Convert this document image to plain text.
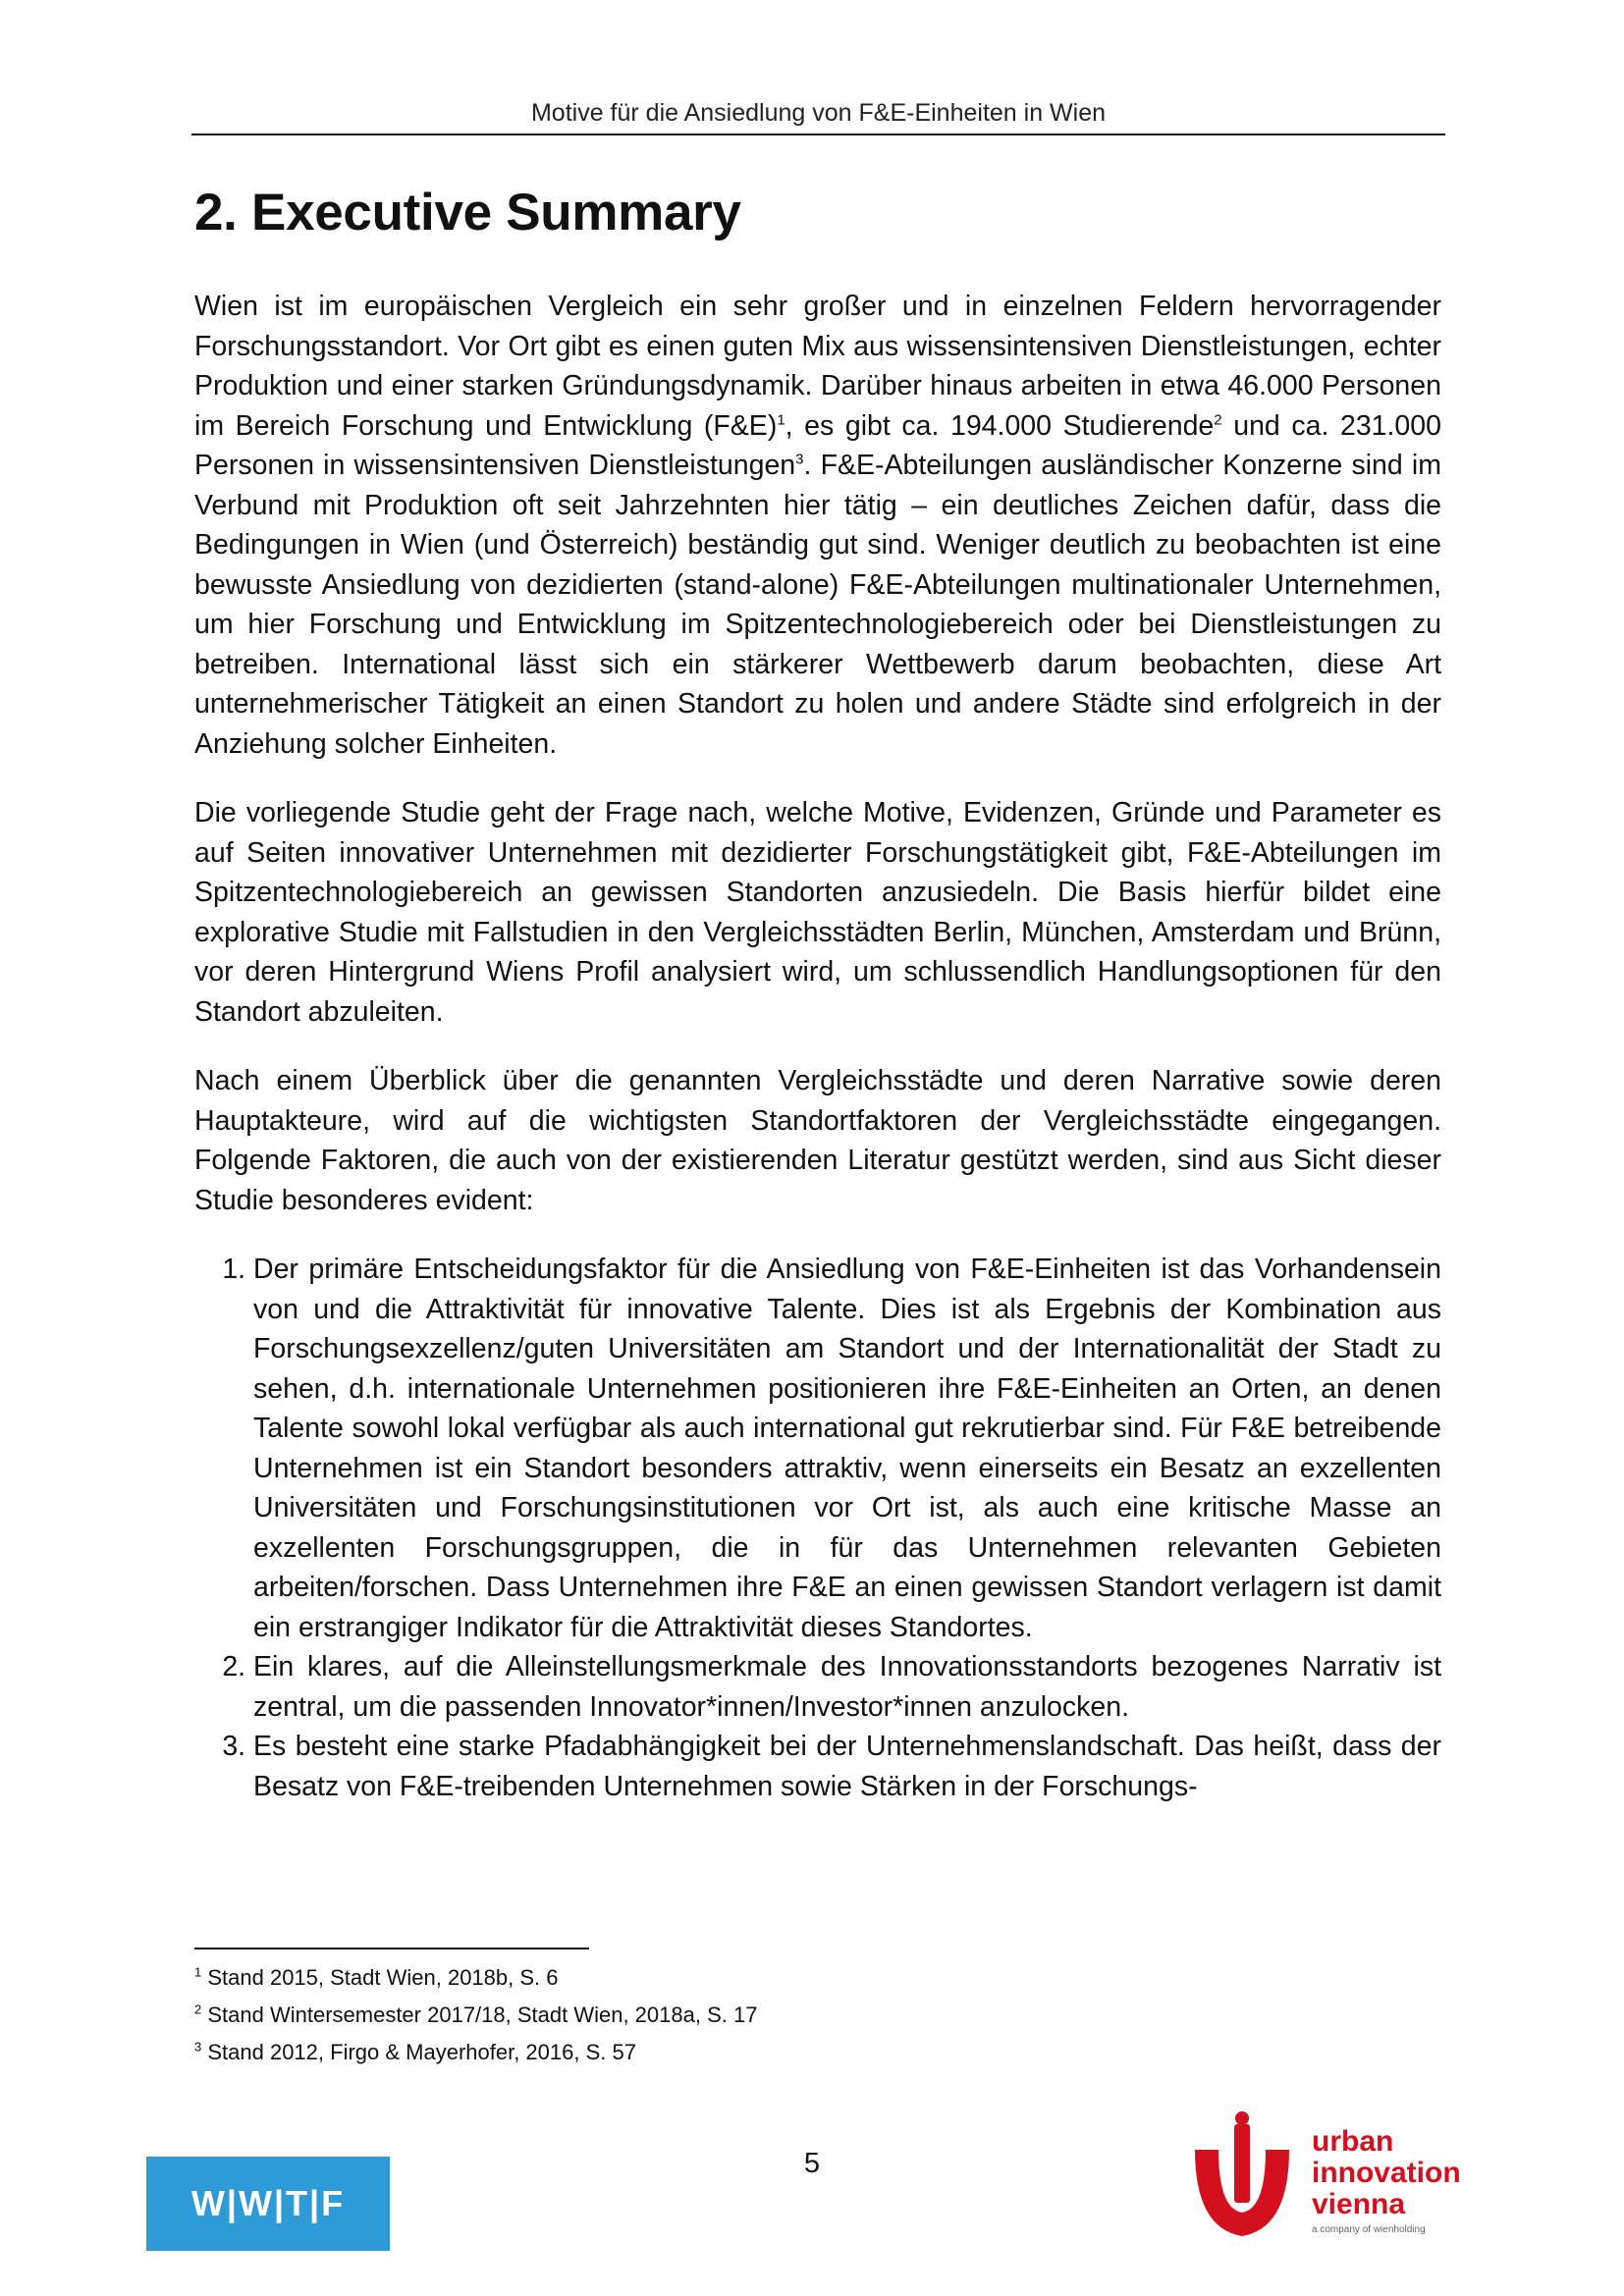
Motive für die Ansiedlung von F&E-Einheiten in Wien
2. Executive Summary

Wien ist im europäischen Vergleich ein sehr großer und in einzelnen Feldern hervorragender Forschungsstandort. Vor Ort gibt es einen guten Mix aus wissensintensiven Dienstleistungen, echter Produktion und einer starken Gründungsdynamik. Darüber hinaus arbeiten in etwa 46.000 Personen im Bereich Forschung und Entwicklung (F&E)$^1$, es gibt ca. 194.000 Studierende$^2$ und ca. 231.000 Personen in wissensintensiven Dienstleistungen$^3$. F&E-Abteilungen ausländischer Konzerne sind im Verbund mit Produktion oft seit Jahrzehnten hier tätig – ein deutliches Zeichen dafür, dass die Bedingungen in Wien (und Österreich) beständig gut sind. Weniger deutlich zu beobachten ist eine bewusste Ansiedlung von dezidierten (stand-alone) F&E-Abteilungen multinationaler Unternehmen, um hier Forschung und Entwicklung im Spitzentechnologiebereich oder bei Dienstleistungen zu betreiben. International lässt sich ein stärkerer Wettbewerb darum beobachten, diese Art unternehmerischer Tätigkeit an einen Standort zu holen und andere Städte sind erfolgreich in der Anziehung solcher Einheiten.

Die vorliegende Studie geht der Frage nach, welche Motive, Evidenzen, Gründe und Parameter es auf Seiten innovativer Unternehmen mit dezidierter Forschungstätigkeit gibt, F&E-Abteilungen im Spitzentechnologiebereich an gewissen Standorten anzusiedeln. Die Basis hierfür bildet eine explorative Studie mit Fallstudien in den Vergleichsstädten Berlin, München, Amsterdam und Brünn, vor deren Hintergrund Wiens Profil analysiert wird, um schlussendlich Handlungsoptionen für den Standort abzuleiten.

Nach einem Überblick über die genannten Vergleichsstädte und deren Narrative sowie deren Hauptakteure, wird auf die wichtigsten Standortfaktoren der Vergleichsstädte eingegangen. Folgende Faktoren, die auch von der existierenden Literatur gestützt werden, sind aus Sicht dieser Studie besonderes evident:

1. Der primäre Entscheidungsfaktor für die Ansiedlung von F&E-Einheiten ist das Vorhandensein von und die Attraktivität für innovative Talente. Dies ist als Ergebnis der Kombination aus Forschungsexzellenz/guten Universitäten am Standort und der Internationalität der Stadt zu sehen, d.h. internationale Unternehmen positionieren ihre F&E-Einheiten an Orten, an denen Talente sowohl lokal verfügbar als auch international gut rekrutierbar sind. Für F&E betreibende Unternehmen ist ein Standort besonders attraktiv, wenn einerseits ein Besatz an exzellenten Universitäten und Forschungsinstitutionen vor Ort ist, als auch eine kritische Masse an exzellenten Forschungsgruppen, die in für das Unternehmen relevanten Gebieten arbeiten/forschen. Dass Unternehmen ihre F&E an einen gewissen Standort verlagern ist damit ein erstrangiger Indikator für die Attraktivität dieses Standortes.
2. Ein klares, auf die Alleinstellungsmerkmale des Innovationsstandorts bezogenes Narrativ ist zentral, um die passenden Innovator*innen/Investor*innen anzulocken.
3. Es besteht eine starke Pfadabhängigkeit bei der Unternehmenslandschaft. Das heißt, dass der Besatz von F&E-treibenden Unternehmen sowie Stärken in der Forschungs-
$^1$ Stand 2015, Stadt Wien, 2018b, S. 6
$^2$ Stand Wintersemester 2017/18, Stadt Wien, 2018a, S. 17
$^3$ Stand 2012, Firgo & Mayerhofer, 2016, S. 57
5
W|W|T|F
urban
innovation
vienna
a company of wienholding
